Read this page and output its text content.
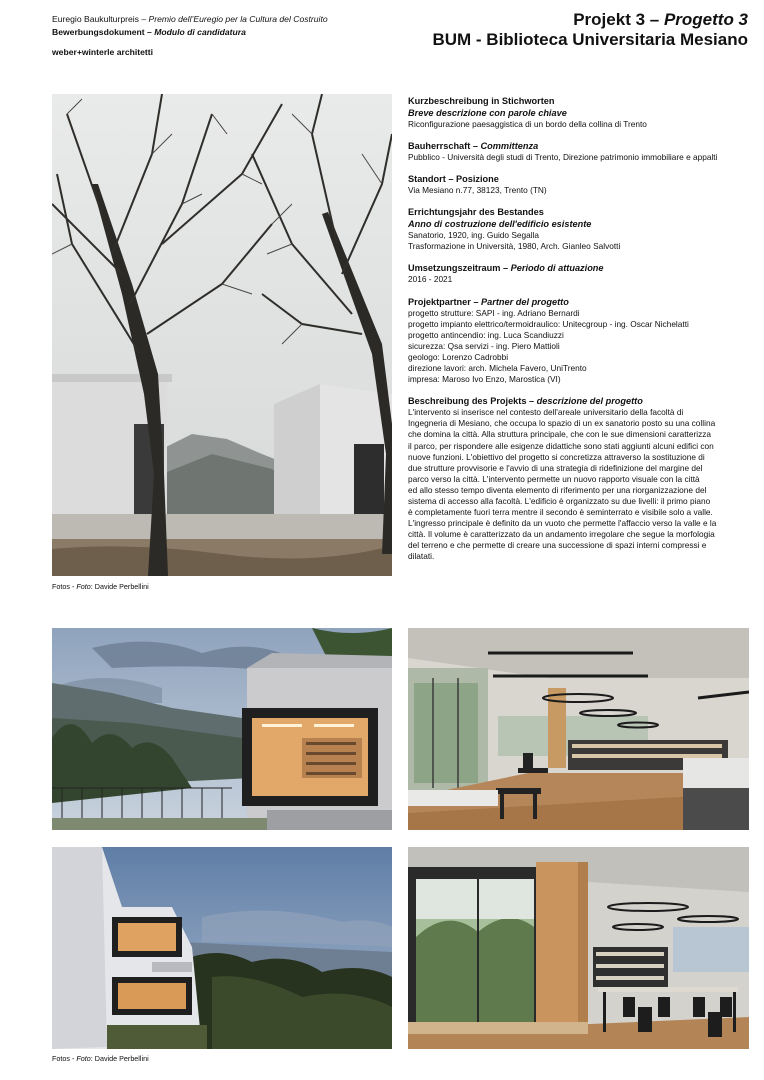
Euregio Baukulturpreis – Premio dell’Euregio per la Cultura del Costruito
Bewerbungsdokument – Modulo di candidatura
weber+winterle architetti
Projekt 3 – Progetto 3
BUM - Biblioteca Universitaria Mesiano
Fotos - Foto: Davide Perbellini
Kurzbeschreibung in Stichworten
Breve descrizione con parole chiave
Riconfigurazione paesaggistica di un bordo della collina di Trento
Bauherrschaft – Committenza
Pubblico - Università degli studi di Trento, Direzione patrimonio immobiliare e appalti
Standort – Posizione
Via Mesiano n.77, 38123, Trento (TN)
Errichtungsjahr des Bestandes
Anno di costruzione dell'edificio esistente
Sanatorio, 1920, ing. Guido Segalla
Trasformazione in Università, 1980, Arch. Gianleo Salvotti
Umsetzungszeitraum – Periodo di attuazione
2016 - 2021
Projektpartner – Partner del progetto
progetto strutture: SAPI - ing. Adriano Bernardi
progetto impianto elettrico/termoidraulico: Unitecgroup - ing. Oscar Nichelatti
progetto antincendio: ing. Luca Scandiuzzi
sicurezza: Qsa servizi - ing. Piero Mattioli
geologo: Lorenzo Cadrobbi
direzione lavori: arch. Michela Favero, UniTrento
impresa: Maroso Ivo Enzo, Marostica (VI)
Beschreibung des Projekts – descrizione del progetto
L'intervento si inserisce nel contesto dell'areale universitario della facoltà di
Ingegneria di Mesiano, che occupa lo spazio di un ex sanatorio posto su una collina
che domina la città. Alla struttura principale, che con le sue dimensioni caratterizza
il parco, per rispondere alle esigenze didattiche sono stati aggiunti alcuni edifici con
nuove funzioni. L'obiettivo del progetto si concretizza attraverso la sostituzione di
due strutture provvisorie e l'avvio di una strategia di ridefinizione del margine del
parco verso la città. L'intervento permette un nuovo rapporto visuale con la città
ed allo stesso tempo diventa elemento di riferimento per una riorganizzazione del
sistema di accesso alla facoltà. L'edificio è organizzato su due livelli: il primo piano
è completamente fuori terra mentre il secondo è seminterrato e visibile solo a valle.
L'ingresso principale è definito da un vuoto che permette l'affaccio verso la valle e la
città. Il volume è caratterizzato da un andamento irregolare che segue la morfologia
del terreno e che permette di creare una successione di spazi interni compressi e
dilatati.
Fotos - Foto: Davide Perbellini
